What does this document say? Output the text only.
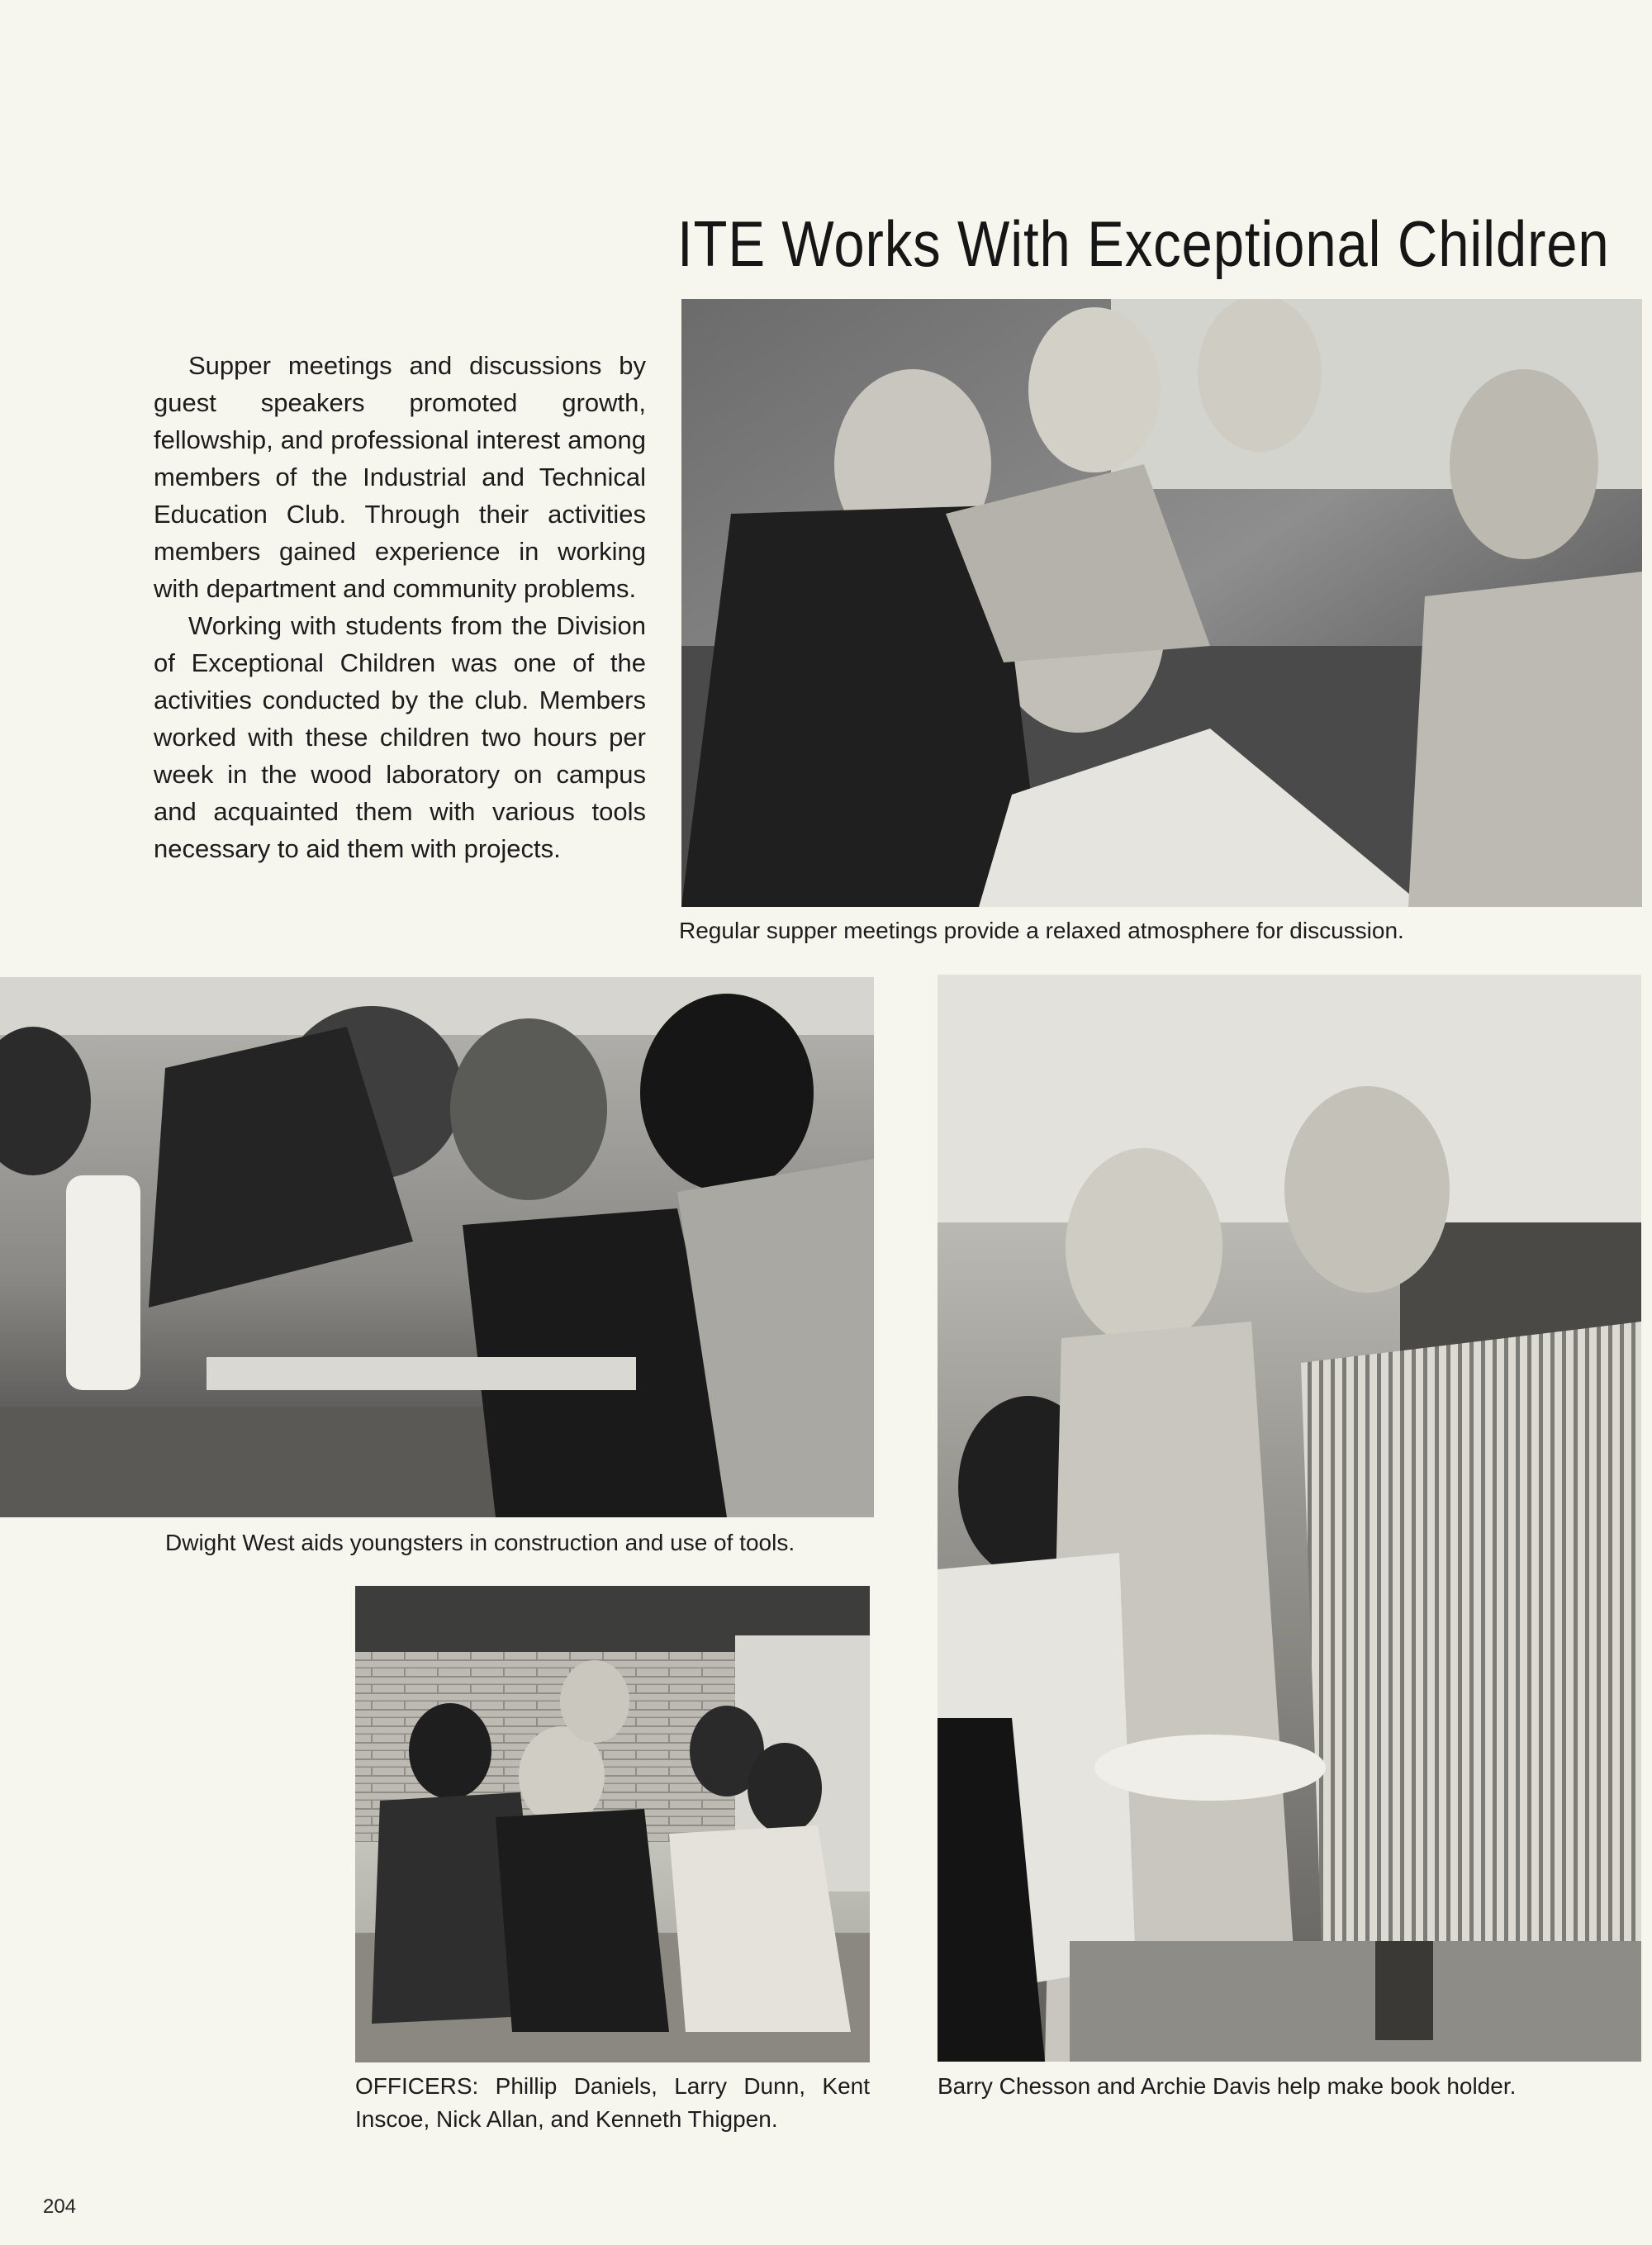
ITE Works With Exceptional Children

Supper meetings and discussions by guest speakers promoted growth, fellowship, and professional interest among members of the Industrial and Technical Education Club. Through their activities members gained experience in working with department and community problems.

Working with students from the Division of Exceptional Children was one of the activities conducted by the club. Members worked with these children two hours per week in the wood laboratory on campus and acquainted them with various tools necessary to aid them with projects.

Regular supper meetings provide a relaxed atmosphere for discussion.

Dwight West aids youngsters in construction and use of tools.

OFFICERS: Phillip Daniels, Larry Dunn, Kent Inscoe, Nick Allan, and Kenneth Thigpen.

Barry Chesson and Archie Davis help make book holder.

204
